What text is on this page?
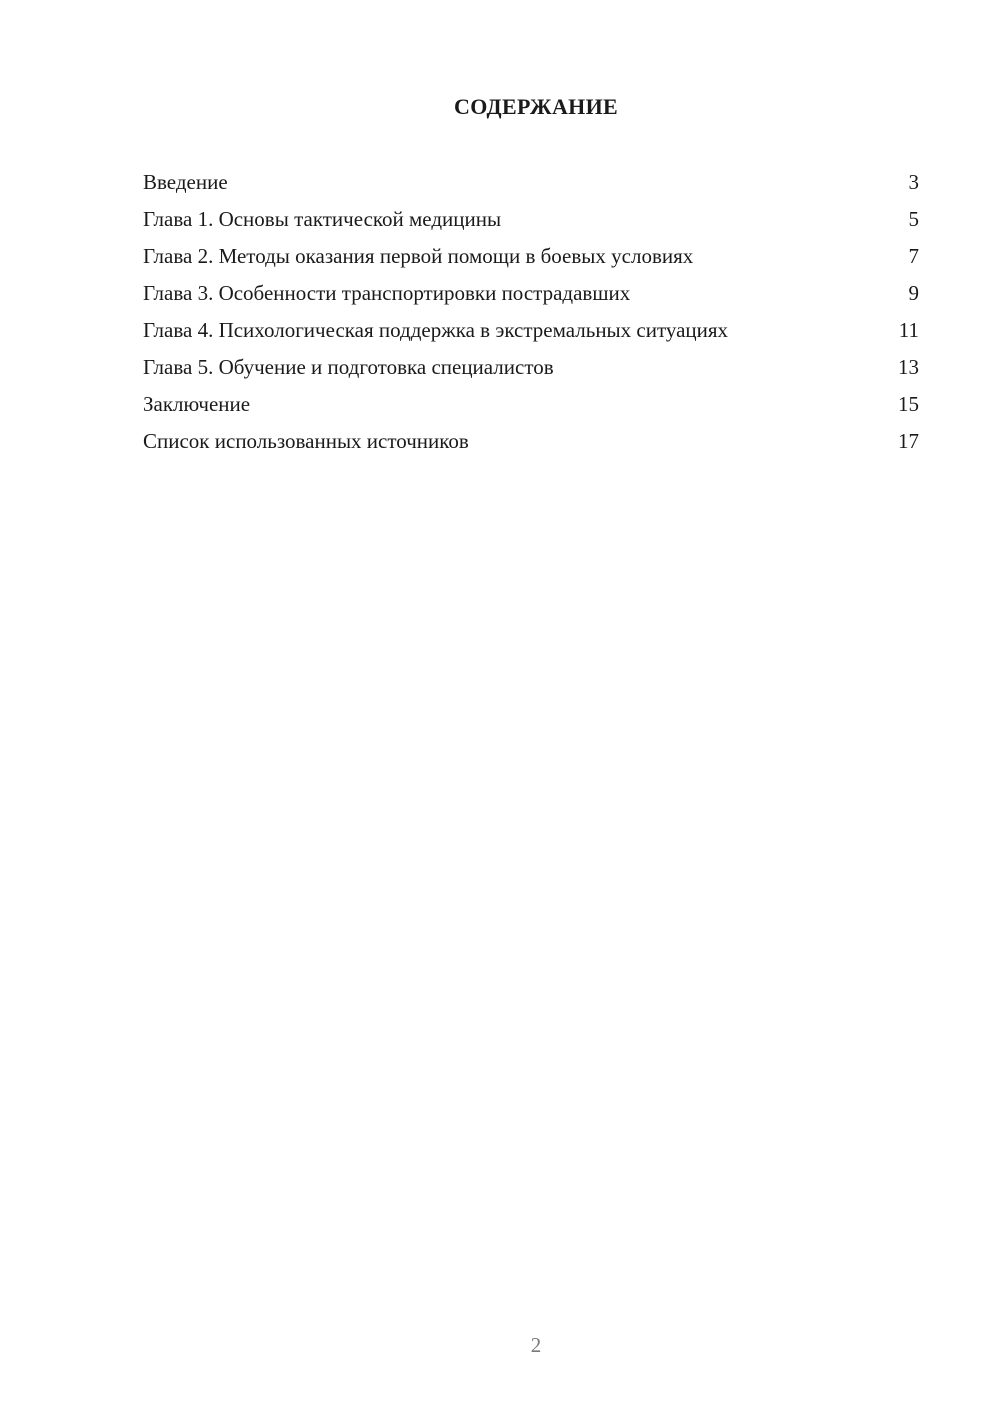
СОДЕРЖАНИЕ
Введение	3
Глава 1. Основы тактической медицины	5
Глава 2. Методы оказания первой помощи в боевых условиях	7
Глава 3. Особенности транспортировки пострадавших	9
Глава 4. Психологическая поддержка в экстремальных ситуациях	11
Глава 5. Обучение и подготовка специалистов	13
Заключение	15
Список использованных источников	17
2
